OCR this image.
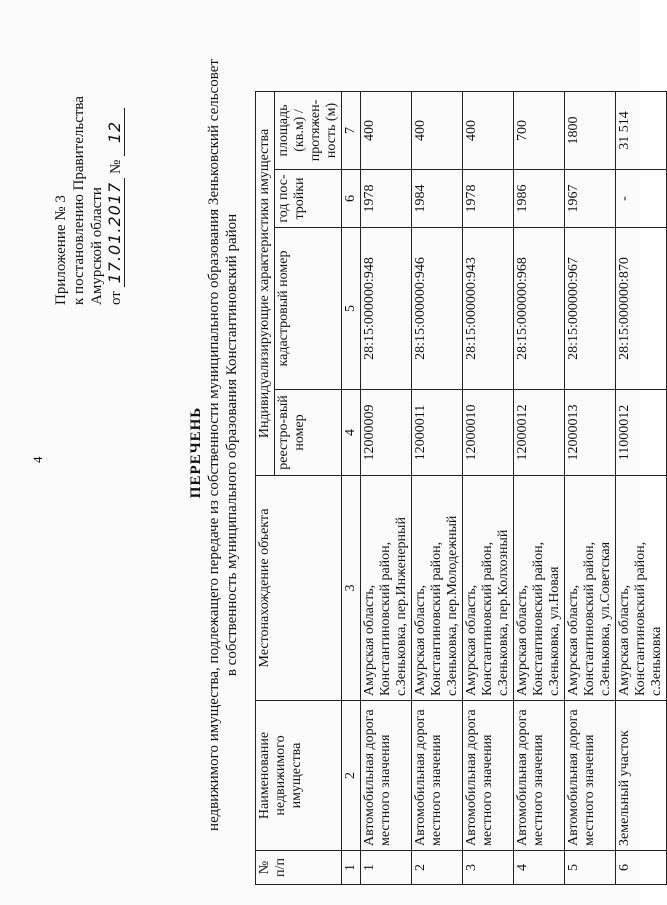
4
Приложение № 3 к постановлению Правительства Амурской области от 17.01.2017 № 12
ПЕРЕЧЕНЬ недвижимого имущества, подлежащего передаче из собственности муниципального образования Зеньковский сельсовет в собственность муниципального образования Константиновский район
№ п/п	Наименование недвижимого имущества	Местонахождение объекта	Индивидуализирующие характеристики имущества			
			реестро-вый номер	кадастровый номер	год пос-тройки	площадь (кв.м) / протяжен-ность (м)
1	2	3	4	5	6	7
1	Автомобильная дорога местного значения	Амурская область, Константиновский район, с.Зеньковка, пер.Инженерный	12000009	28:15:000000:948	1978	400
2	Автомобильная дорога местного значения	Амурская область, Константиновский район, с.Зеньковка, пер.Молодежный	12000011	28:15:000000:946	1984	400
3	Автомобильная дорога местного значения	Амурская область, Константиновский район, с.Зеньковка, пер.Колхозный	12000010	28:15:000000:943	1978	400
4	Автомобильная дорога местного значения	Амурская область, Константиновский район, с.Зеньковка, ул.Новая	12000012	28:15:000000:968	1986	700
5	Автомобильная дорога местного значения	Амурская область, Константиновский район, с.Зеньковка, ул.Советская	12000013	28:15:000000:967	1967	1800
6	Земельный участок	Амурская область, Константиновский район, с.Зеньковка	11000012	28:15:000000:870	-	31 514
